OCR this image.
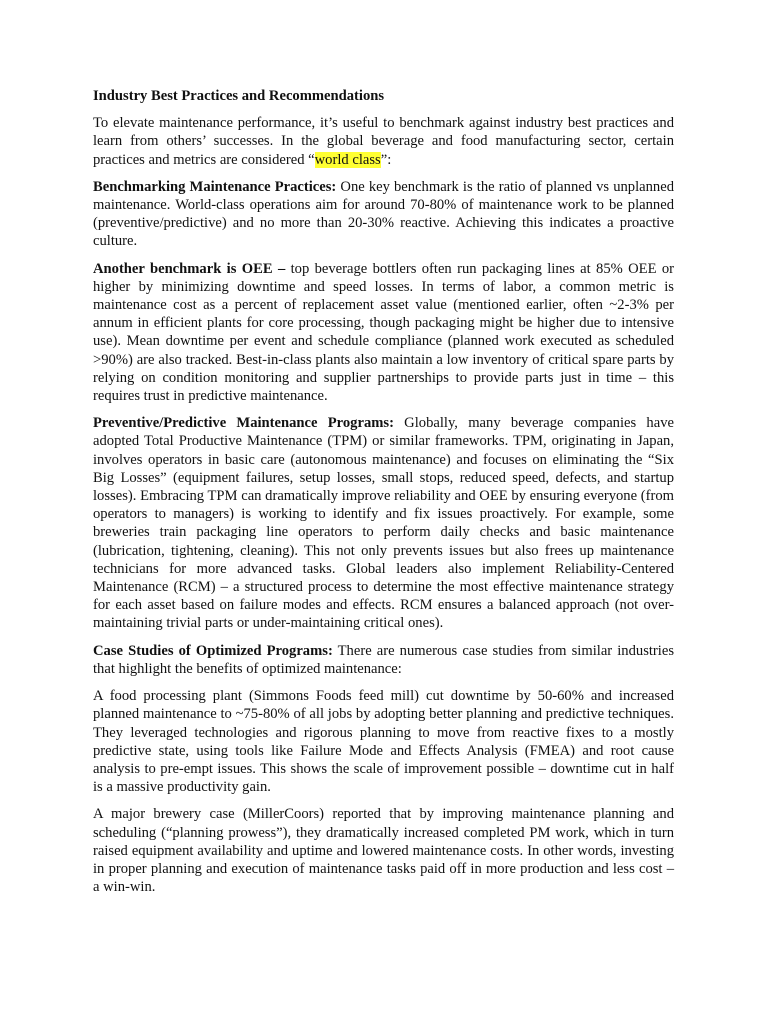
Industry Best Practices and Recommendations

To elevate maintenance performance, it’s useful to benchmark against industry best practices and learn from others’ successes. In the global beverage and food manufacturing sector, certain practices and metrics are considered “world class”:

Benchmarking Maintenance Practices: One key benchmark is the ratio of planned vs unplanned maintenance. World-class operations aim for around 70-80% of maintenance work to be planned (preventive/predictive) and no more than 20-30% reactive. Achieving this indicates a proactive culture.

Another benchmark is OEE – top beverage bottlers often run packaging lines at 85% OEE or higher by minimizing downtime and speed losses. In terms of labor, a common metric is maintenance cost as a percent of replacement asset value (mentioned earlier, often ~2-3% per annum in efficient plants for core processing, though packaging might be higher due to intensive use). Mean downtime per event and schedule compliance (planned work executed as scheduled >90%) are also tracked. Best-in-class plants also maintain a low inventory of critical spare parts by relying on condition monitoring and supplier partnerships to provide parts just in time – this requires trust in predictive maintenance.

Preventive/Predictive Maintenance Programs: Globally, many beverage companies have adopted Total Productive Maintenance (TPM) or similar frameworks. TPM, originating in Japan, involves operators in basic care (autonomous maintenance) and focuses on eliminating the “Six Big Losses” (equipment failures, setup losses, small stops, reduced speed, defects, and startup losses). Embracing TPM can dramatically improve reliability and OEE by ensuring everyone (from operators to managers) is working to identify and fix issues proactively. For example, some breweries train packaging line operators to perform daily checks and basic maintenance (lubrication, tightening, cleaning). This not only prevents issues but also frees up maintenance technicians for more advanced tasks. Global leaders also implement Reliability-Centered Maintenance (RCM) – a structured process to determine the most effective maintenance strategy for each asset based on failure modes and effects. RCM ensures a balanced approach (not over-maintaining trivial parts or under-maintaining critical ones).

Case Studies of Optimized Programs: There are numerous case studies from similar industries that highlight the benefits of optimized maintenance:

A food processing plant (Simmons Foods feed mill) cut downtime by 50-60% and increased planned maintenance to ~75-80% of all jobs by adopting better planning and predictive techniques. They leveraged technologies and rigorous planning to move from reactive fixes to a mostly predictive state, using tools like Failure Mode and Effects Analysis (FMEA) and root cause analysis to pre-empt issues. This shows the scale of improvement possible – downtime cut in half is a massive productivity gain.

A major brewery case (MillerCoors) reported that by improving maintenance planning and scheduling (“planning prowess”), they dramatically increased completed PM work, which in turn raised equipment availability and uptime and lowered maintenance costs. In other words, investing in proper planning and execution of maintenance tasks paid off in more production and less cost – a win-win.
